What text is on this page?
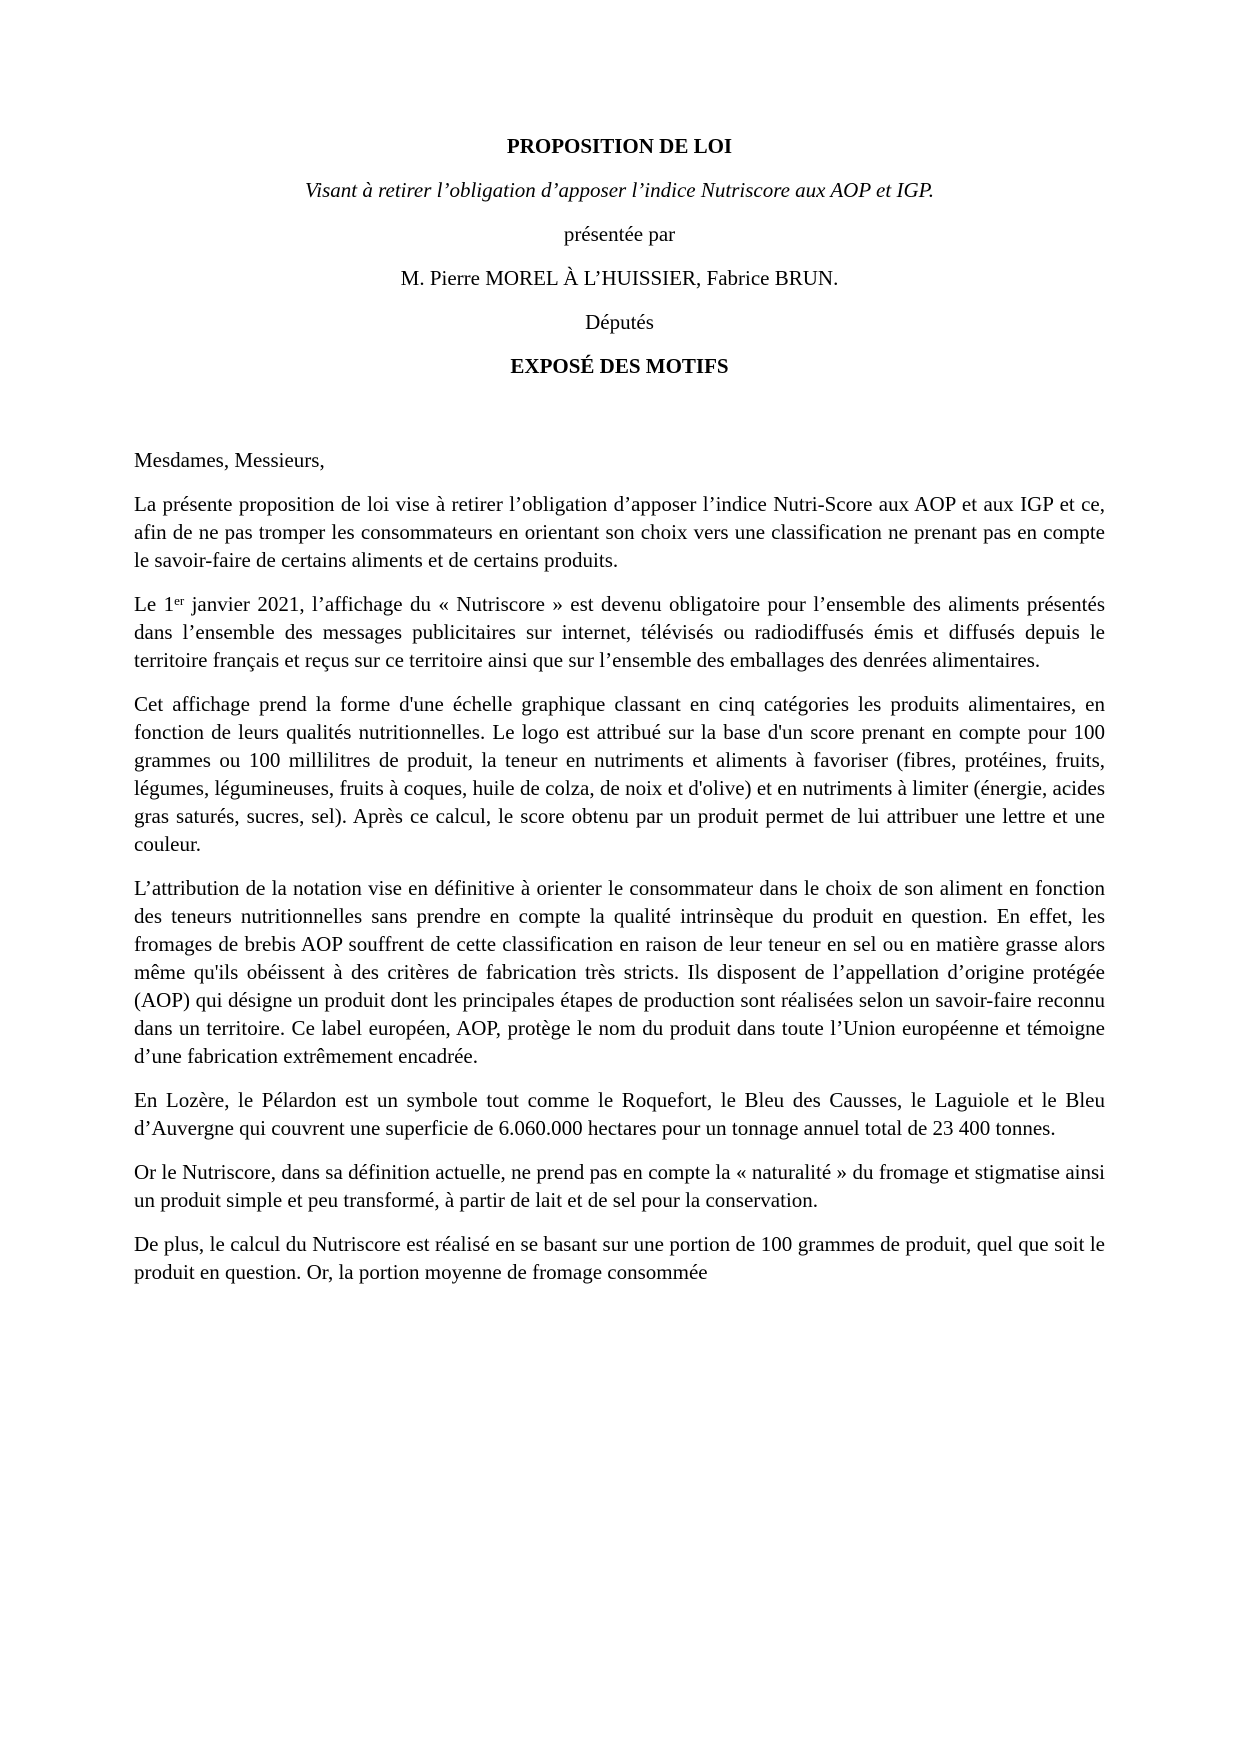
PROPOSITION DE LOI

Visant à retirer l’obligation d’apposer l’indice Nutriscore aux AOP et IGP.

présentée par

M. Pierre MOREL À L’HUISSIER, Fabrice BRUN.

Députés

EXPOSÉ DES MOTIFS

Mesdames, Messieurs,

La présente proposition de loi vise à retirer l’obligation d’apposer l’indice Nutri-Score aux AOP et aux IGP et ce, afin de ne pas tromper les consommateurs en orientant son choix vers une classification ne prenant pas en compte le savoir-faire de certains aliments et de certains produits.

Le 1er janvier 2021, l’affichage du « Nutriscore » est devenu obligatoire pour l’ensemble des aliments présentés dans l’ensemble des messages publicitaires sur internet, télévisés ou radiodiffusés émis et diffusés depuis le territoire français et reçus sur ce territoire ainsi que sur l’ensemble des emballages des denrées alimentaires.

Cet affichage prend la forme d'une échelle graphique classant en cinq catégories les produits alimentaires, en fonction de leurs qualités nutritionnelles. Le logo est attribué sur la base d'un score prenant en compte pour 100 grammes ou 100 millilitres de produit, la teneur en nutriments et aliments à favoriser (fibres, protéines, fruits, légumes, légumineuses, fruits à coques, huile de colza, de noix et d'olive) et en nutriments à limiter (énergie, acides gras saturés, sucres, sel). Après ce calcul, le score obtenu par un produit permet de lui attribuer une lettre et une couleur.

L’attribution de la notation vise en définitive à orienter le consommateur dans le choix de son aliment en fonction des teneurs nutritionnelles sans prendre en compte la qualité intrinsèque du produit en question. En effet, les fromages de brebis AOP souffrent de cette classification en raison de leur teneur en sel ou en matière grasse alors même qu'ils obéissent à des critères de fabrication très stricts. Ils disposent de l’appellation d’origine protégée (AOP) qui désigne un produit dont les principales étapes de production sont réalisées selon un savoir-faire reconnu dans un territoire. Ce label européen, AOP, protège le nom du produit dans toute l’Union européenne et témoigne d’une fabrication extrêmement encadrée.

En Lozère, le Pélardon est un symbole tout comme le Roquefort, le Bleu des Causses, le Laguiole et le Bleu d’Auvergne qui couvrent une superficie de 6.060.000 hectares pour un tonnage annuel total de 23 400 tonnes.

Or le Nutriscore, dans sa définition actuelle, ne prend pas en compte la « naturalité » du fromage et stigmatise ainsi un produit simple et peu transformé, à partir de lait et de sel pour la conservation.

De plus, le calcul du Nutriscore est réalisé en se basant sur une portion de 100 grammes de produit, quel que soit le produit en question. Or, la portion moyenne de fromage consommée
